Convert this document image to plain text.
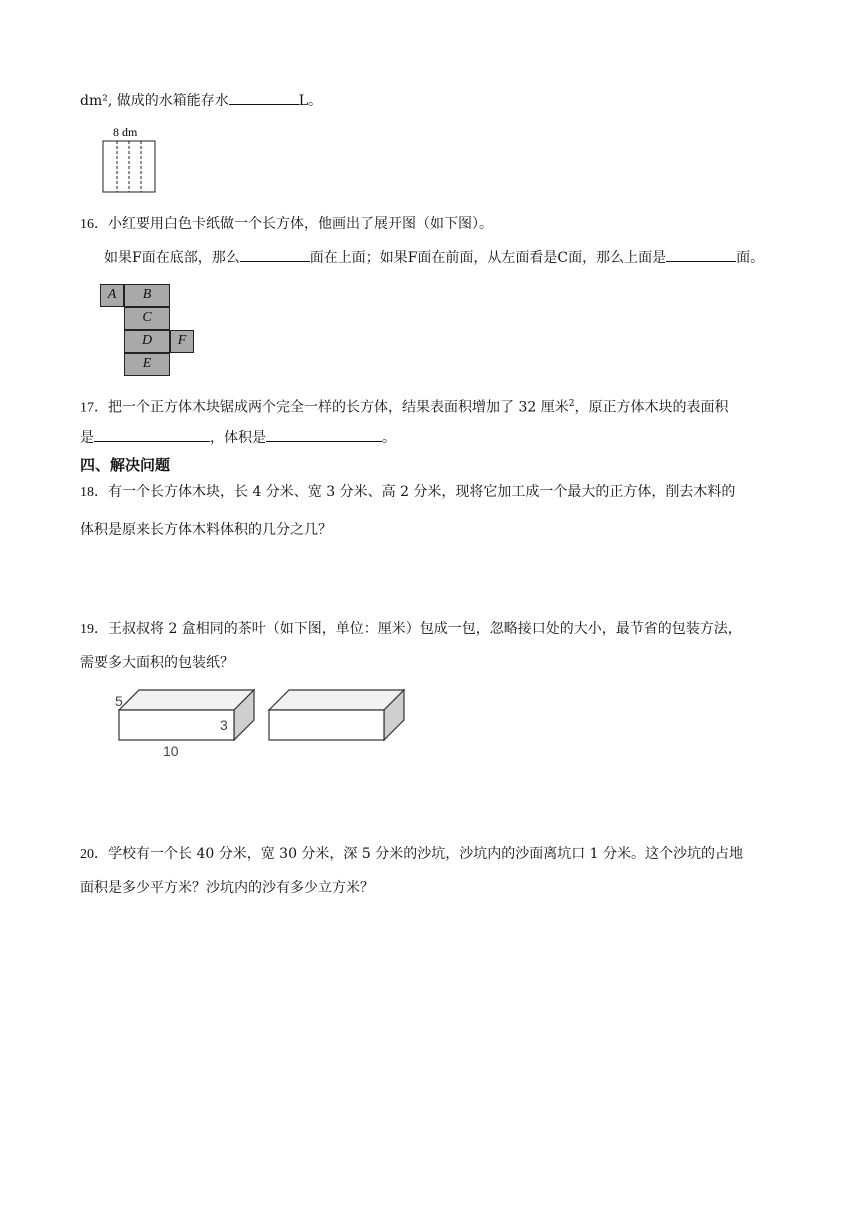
dm², 做成的水箱能存水	L。
8 dm
16．小红要用白色卡纸做一个长方体，他画出了展开图（如下图）。
如果F面在底部，那么	面在上面；如果F面在前面，从左面看是C面，那么上面是	面。
A	B
C
D	F
E
17．把一个正方体木块锯成两个完全一样的长方体，结果表面积增加了 32 厘米$^2$，原正方体木块的表面积
是	，体积是	。
四、解决问题
18．有一个长方体木块，长 4 分米、宽 3 分米、高 2 分米，现将它加工成一个最大的正方体，削去木料的
体积是原来长方体木料体积的几分之几？
19．王叔叔将 2 盒相同的茶叶（如下图，单位：厘米）包成一包，忽略接口处的大小，最节省的包装方法，
需要多大面积的包装纸？
5
3
10
20．学校有一个长 40 分米，宽 30 分米，深 5 分米的沙坑，沙坑内的沙面离坑口 1 分米。这个沙坑的占地
面积是多少平方米？沙坑内的沙有多少立方米？
